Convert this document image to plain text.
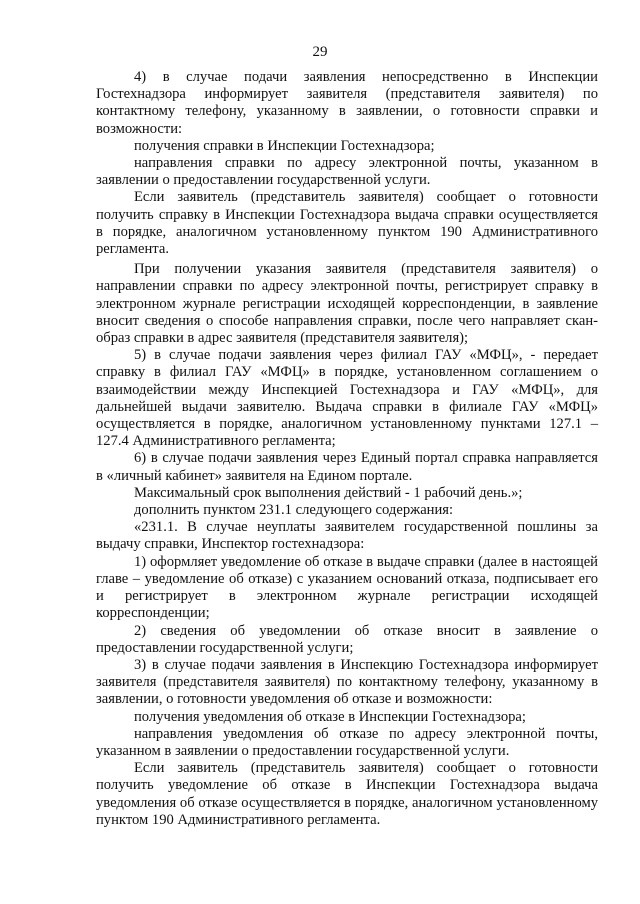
29

4) в случае подачи заявления непосредственно в Инспекции Гостехнадзора информирует заявителя (представителя заявителя) по контактному телефону, указанному в заявлении, о готовности справки и возможности:

получения справки в Инспекции Гостехнадзора;

направления справки по адресу электронной почты, указанном в заявлении о предоставлении государственной услуги.

Если заявитель (представитель заявителя) сообщает о готовности получить справку в Инспекции Гостехнадзора выдача справки осуществляется в порядке, аналогичном установленному пунктом 190 Административного регламента.

При получении указания заявителя (представителя заявителя) о направлении справки по адресу электронной почты, регистрирует справку в электронном журнале регистрации исходящей корреспонденции, в заявление вносит сведения о способе направления справки, после чего направляет скан-образ справки в адрес заявителя (представителя заявителя);

5) в случае подачи заявления через филиал ГАУ «МФЦ», - передает справку в филиал ГАУ «МФЦ» в порядке, установленном соглашением о взаимодействии между Инспекцией Гостехнадзора и ГАУ «МФЦ», для дальнейшей выдачи заявителю. Выдача справки в филиале ГАУ «МФЦ» осуществляется в порядке, аналогичном установленному пунктами 127.1 – 127.4 Административного регламента;

6) в случае подачи заявления через Единый портал справка направляется в «личный кабинет» заявителя на Едином портале.

Максимальный срок выполнения действий - 1 рабочий день.»;

дополнить пунктом 231.1 следующего содержания:

«231.1. В случае неуплаты заявителем государственной пошлины за выдачу справки, Инспектор гостехнадзора:

1) оформляет уведомление об отказе в выдаче справки (далее в настоящей главе – уведомление об отказе) с указанием оснований отказа, подписывает его и регистрирует в электронном журнале регистрации исходящей корреспонденции;

2) сведения об уведомлении об отказе вносит в заявление о предоставлении государственной услуги;

3) в случае подачи заявления в Инспекцию Гостехнадзора информирует заявителя (представителя заявителя) по контактному телефону, указанному в заявлении, о готовности уведомления об отказе и возможности:

получения уведомления об отказе в Инспекции Гостехнадзора;

направления уведомления об отказе по адресу электронной почты, указанном в заявлении о предоставлении государственной услуги.

Если заявитель (представитель заявителя) сообщает о готовности получить уведомление об отказе в Инспекции Гостехнадзора выдача уведомления об отказе осуществляется в порядке, аналогичном установленному пунктом 190 Административного регламента.
